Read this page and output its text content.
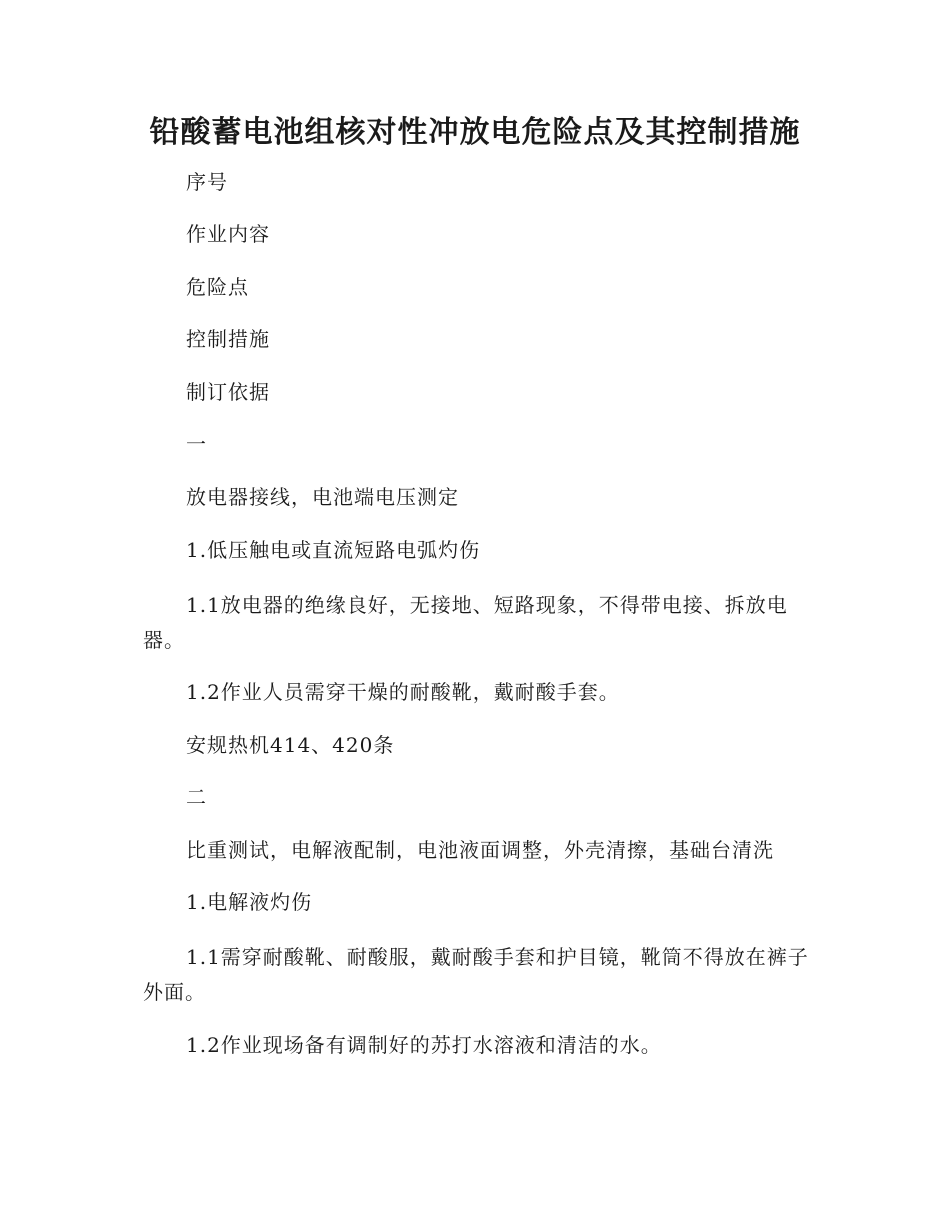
铅酸蓄电池组核对性冲放电危险点及其控制措施

序号

作业内容

危险点

控制措施

制订依据

一

放电器接线，电池端电压测定

1.低压触电或直流短路电弧灼伤

1.1放电器的绝缘良好，无接地、短路现象，不得带电接、拆放电器。

1.2作业人员需穿干燥的耐酸靴，戴耐酸手套。

安规热机414、420条

二

比重测试，电解液配制，电池液面调整，外壳清擦，基础台清洗

1.电解液灼伤

1.1需穿耐酸靴、耐酸服，戴耐酸手套和护目镜，靴筒不得放在裤子外面。

1.2作业现场备有调制好的苏打水溶液和清洁的水。
